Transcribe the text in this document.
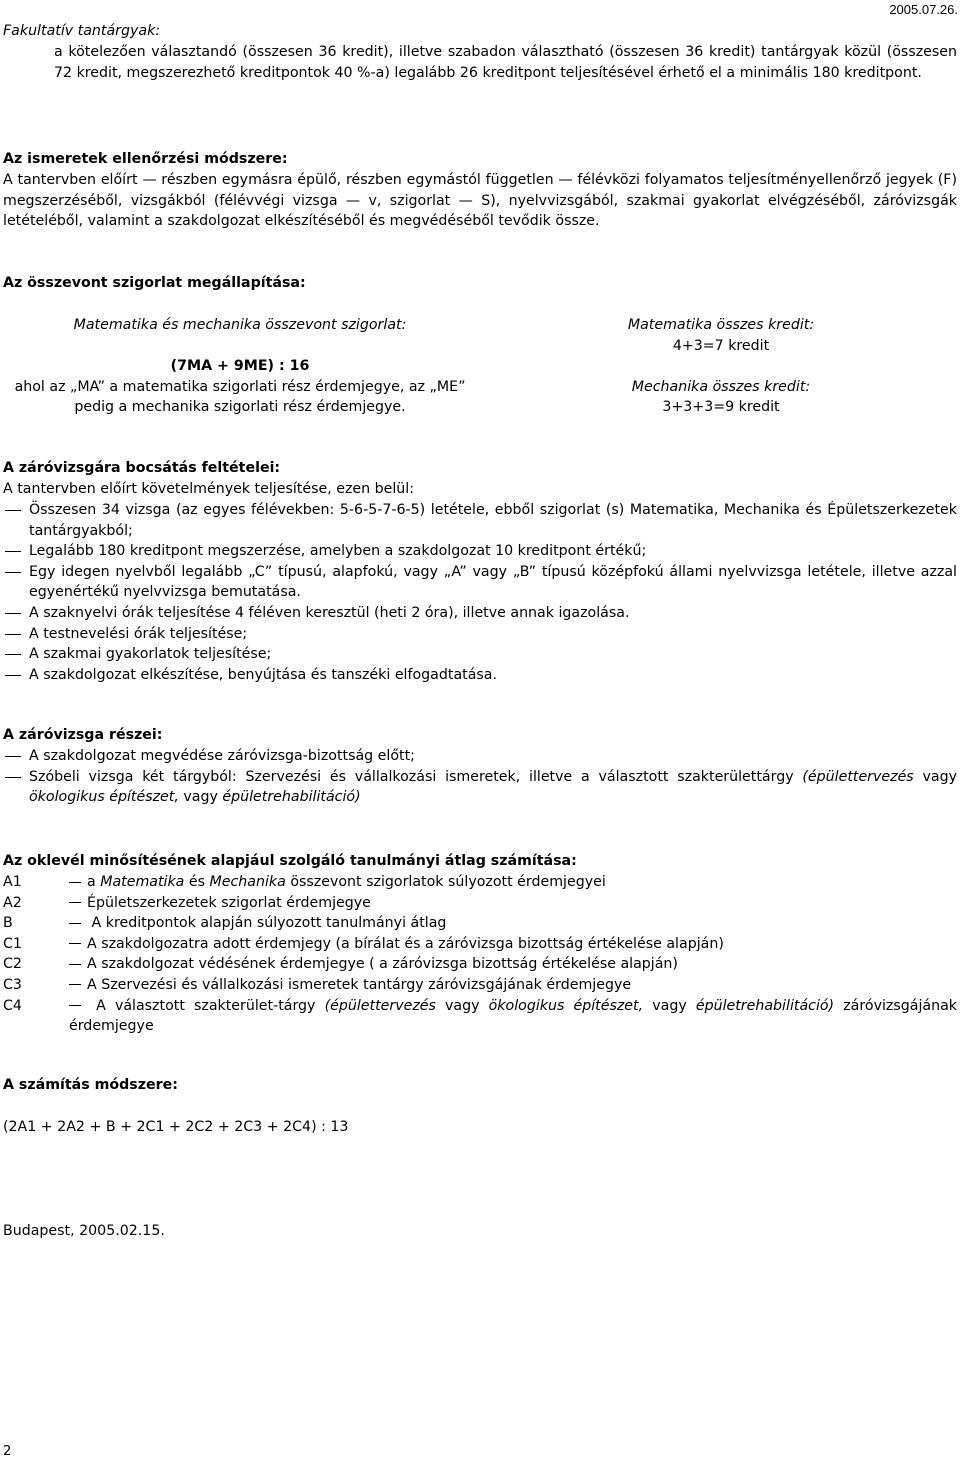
2005.07.26.
Fakultatív tantárgyak:
a kötelezően választandó (összesen 36 kredit), illetve szabadon választható (összesen 36 kredit) tantárgyak közül (összesen 72 kredit, megszerezhető kreditpontok 40 %-a) legalább 26 kreditpont teljesítésével érhető el a minimális 180 kreditpont.
Az ismeretek ellenőrzési módszere:
A tantervben előírt — részben egymásra épülő, részben egymástól független — félévközi folyamatos teljesítményellenőrző jegyek (F) megszerzéséből, vizsgákból (félévvégi vizsga — v, szigorlat — S), nyelvvizsgából, szakmai gyakorlat elvégzéséből, záróvizsgák letételéből, valamint a szakdolgozat elkészítéséből és megvédéséből tevődik össze.
Az összevont szigorlat megállapítása:
Matematika és mechanika összevont szigorlat:
(7MA + 9ME) : 16
ahol az „MA” a matematika szigorlati rész érdemjegye, az „ME”
pedig a mechanika szigorlati rész érdemjegye.
Matematika összes kredit:
4+3=7 kredit
Mechanika összes kredit:
3+3+3=9 kredit
A záróvizsgára bocsátás feltételei:
A tantervben előírt követelmények teljesítése, ezen belül:
Összesen 34 vizsga (az egyes félévekben: 5-6-5-7-6-5) letétele, ebből szigorlat (s) Matematika, Mechanika és Épületszerkezetek tantárgyakból;
Legalább 180 kreditpont megszerzése, amelyben a szakdolgozat 10 kreditpont értékű;
Egy idegen nyelvből legalább „C” típusú, alapfokú, vagy „A” vagy „B” típusú középfokú állami nyelvvizsga letétele, illetve azzal egyenértékű nyelvvizsga bemutatása.
A szaknyelvi órák teljesítése 4 féléven keresztül (heti 2 óra), illetve annak igazolása.
A testnevelési órák teljesítése;
A szakmai gyakorlatok teljesítése;
A szakdolgozat elkészítése, benyújtása és tanszéki elfogadtatása.
A záróvizsga részei:
A szakdolgozat megvédése záróvizsga-bizottság előtt;
Szóbeli vizsga két tárgyból: Szervezési és vállalkozási ismeretek, illetve a választott szakterülettárgy (épülettervezés vagy ökologikus építészet, vagy épületrehabilitáció)
Az oklevél minősítésének alapjául szolgáló tanulmányi átlag számítása:
A1	a Matematika és Mechanika összevont szigorlatok súlyozott érdemjegyei
A2	Épületszerkezetek szigorlat érdemjegye
B	A kreditpontok alapján súlyozott tanulmányi átlag
C1	A szakdolgozatra adott érdemjegy (a bírálat és a záróvizsga bizottság értékelése alapján)
C2	A szakdolgozat védésének érdemjegye ( a záróvizsga bizottság értékelése alapján)
C3	A Szervezési és vállalkozási ismeretek tantárgy záróvizsgájának érdemjegye
C4	A választott szakterület-tárgy (épülettervezés vagy ökologikus építészet, vagy épületrehabilitáció) záróvizsgájának érdemjegye
A számítás módszere:
(2A1 + 2A2 + B + 2C1 + 2C2 + 2C3 + 2C4) : 13
Budapest, 2005.02.15.
2
